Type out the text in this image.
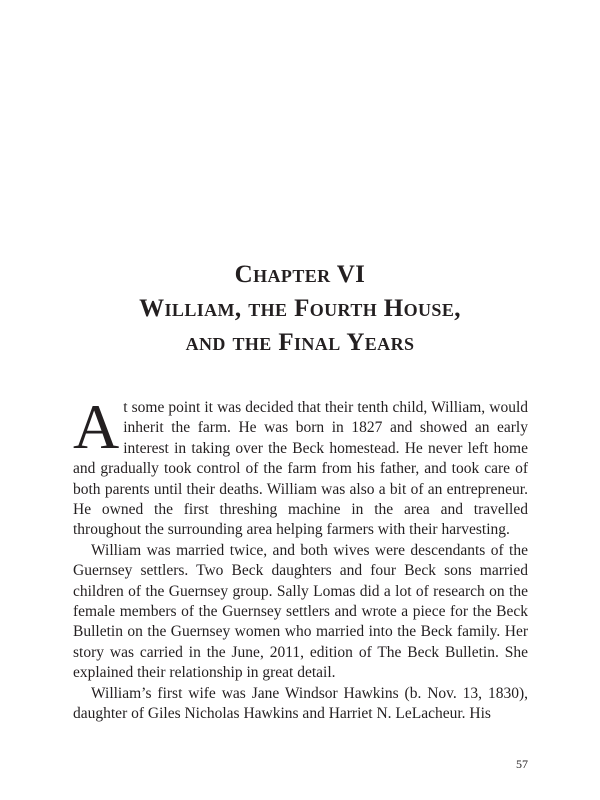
Chapter VI
William, the Fourth House,
and the Final Years

At some point it was decided that their tenth child, William, would inherit the farm. He was born in 1827 and showed an early interest in taking over the Beck homestead. He never left home and gradually took control of the farm from his father, and took care of both parents until their deaths. William was also a bit of an entrepreneur. He owned the first threshing machine in the area and travelled throughout the surrounding area helping farmers with their harvesting.

William was married twice, and both wives were descendants of the Guernsey settlers. Two Beck daughters and four Beck sons married children of the Guernsey group. Sally Lomas did a lot of research on the female members of the Guernsey settlers and wrote a piece for the Beck Bulletin on the Guernsey women who married into the Beck family. Her story was carried in the June, 2011, edition of The Beck Bulletin. She explained their relationship in great detail.

William’s first wife was Jane Windsor Hawkins (b. Nov. 13, 1830), daughter of Giles Nicholas Hawkins and Harriet N. LeLacheur. His

57
